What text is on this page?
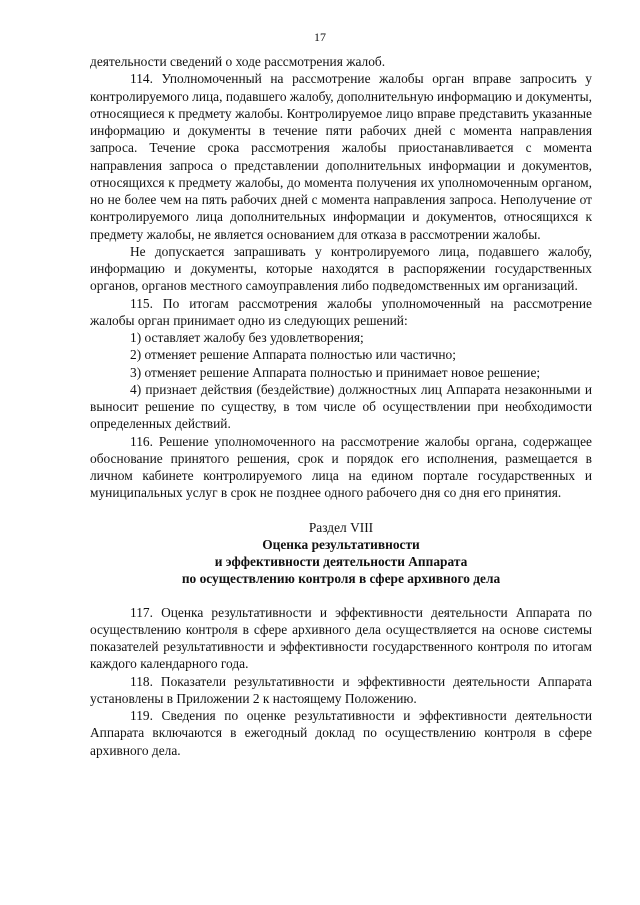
17

деятельности сведений о ходе рассмотрения жалоб.

114. Уполномоченный на рассмотрение жалобы орган вправе запросить у контролируемого лица, подавшего жалобу, дополнительную информацию и документы, относящиеся к предмету жалобы. Контролируемое лицо вправе представить указанные информацию и документы в течение пяти рабочих дней с момента направления запроса. Течение срока рассмотрения жалобы приостанавливается с момента направления запроса о представлении дополнительных информации и документов, относящихся к предмету жалобы, до момента получения их уполномоченным органом, но не более чем на пять рабочих дней с момента направления запроса. Неполучение от контролируемого лица дополнительных информации и документов, относящихся к предмету жалобы, не является основанием для отказа в рассмотрении жалобы.

Не допускается запрашивать у контролируемого лица, подавшего жалобу, информацию и документы, которые находятся в распоряжении государственных органов, органов местного самоуправления либо подведомственных им организаций.

115. По итогам рассмотрения жалобы уполномоченный на рассмотрение жалобы орган принимает одно из следующих решений:

1) оставляет жалобу без удовлетворения;

2) отменяет решение Аппарата полностью или частично;

3) отменяет решение Аппарата полностью и принимает новое решение;

4) признает действия (бездействие) должностных лиц Аппарата незаконными и выносит решение по существу, в том числе об осуществлении при необходимости определенных действий.

116. Решение уполномоченного на рассмотрение жалобы органа, содержащее обоснование принятого решения, срок и порядок его исполнения, размещается в личном кабинете контролируемого лица на едином портале государственных и муниципальных услуг в срок не позднее одного рабочего дня со дня его принятия.

Раздел VIII
Оценка результативности
и эффективности деятельности Аппарата
по осуществлению контроля в сфере архивного дела

117. Оценка результативности и эффективности деятельности Аппарата по осуществлению контроля в сфере архивного дела осуществляется на основе системы показателей результативности и эффективности государственного контроля по итогам каждого календарного года.

118. Показатели результативности и эффективности деятельности Аппарата установлены в Приложении 2 к настоящему Положению.

119. Сведения по оценке результативности и эффективности деятельности Аппарата включаются в ежегодный доклад по осуществлению контроля в сфере архивного дела.
